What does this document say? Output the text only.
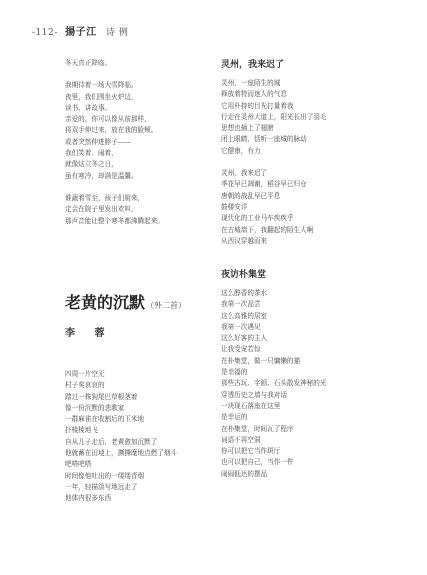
-112- 揚子江 诗 例
冬天真正降临。
我期待着一场大雪降临。
夜里，我们围坐火炉边，
读书、讲故事。
亲爱的，你可以像从前那样，
将双手伸过来，放在我的脸颊。
或者突然伸进脖子——
我们笑着、闹着，
就像这立冬之日，
虽有寒冷，却满是温馨。
谁蔬着雪至，孩子们厨来，
定会在院子里发出欢叫，
那声音能让整个寒冬都沸腾起来。
老黄的沉默（外二首）
李 蓉
四周一片空无
村子矣哀哀的
踏过一株狗尾巴草根茎着
像一份沉默的悲歌家
一群麻雀在收割后的玉米地
扑棱棱地飞
自从儿子走后，老黄愈加沉默了
他就蓄在田埂上，撕撕麾地点燃了烟斗
吧嗒吧嗒
时间像他吐出的一缕缕青烟
一年，轻描淡写地远走了
他体内很多东西
灵州，我来迟了
灵州，一座陌生的城
释放着特而迷人的气息
它用朴持的目光打量着我
行走在灵州大道上，阳光长出了羽毛
思想也插上了翅膀
闭上眼睛，恬听一座城的脉动
它健康，有力
灵州，我来迟了
季花早已凋谢，稻谷早已归仓
唐朝的战乱早已平息
鼓楼安详
现代化的工业马车疾疾乎
在古城墙下，我翻起的陌生人啊
从西汉穿越而来
夜访朴集堂
这么醇香的茶水
我第一次品尝
这么高雅的居室
我第一次遇见
这么好客的主人
让我受宠若惊
在朴集堂，做一只慵懒的猫
是幸福的
那些古玩、字画、石头散发神秘的光
穿透历史之墙与我对话
一块现石落座在这里
是幸运的
在朴集堂，时间瓦了程序
词语不再空洞
你可以把它当作斑厅
也可以把自己，当作一件
闹闹低达的摆品
